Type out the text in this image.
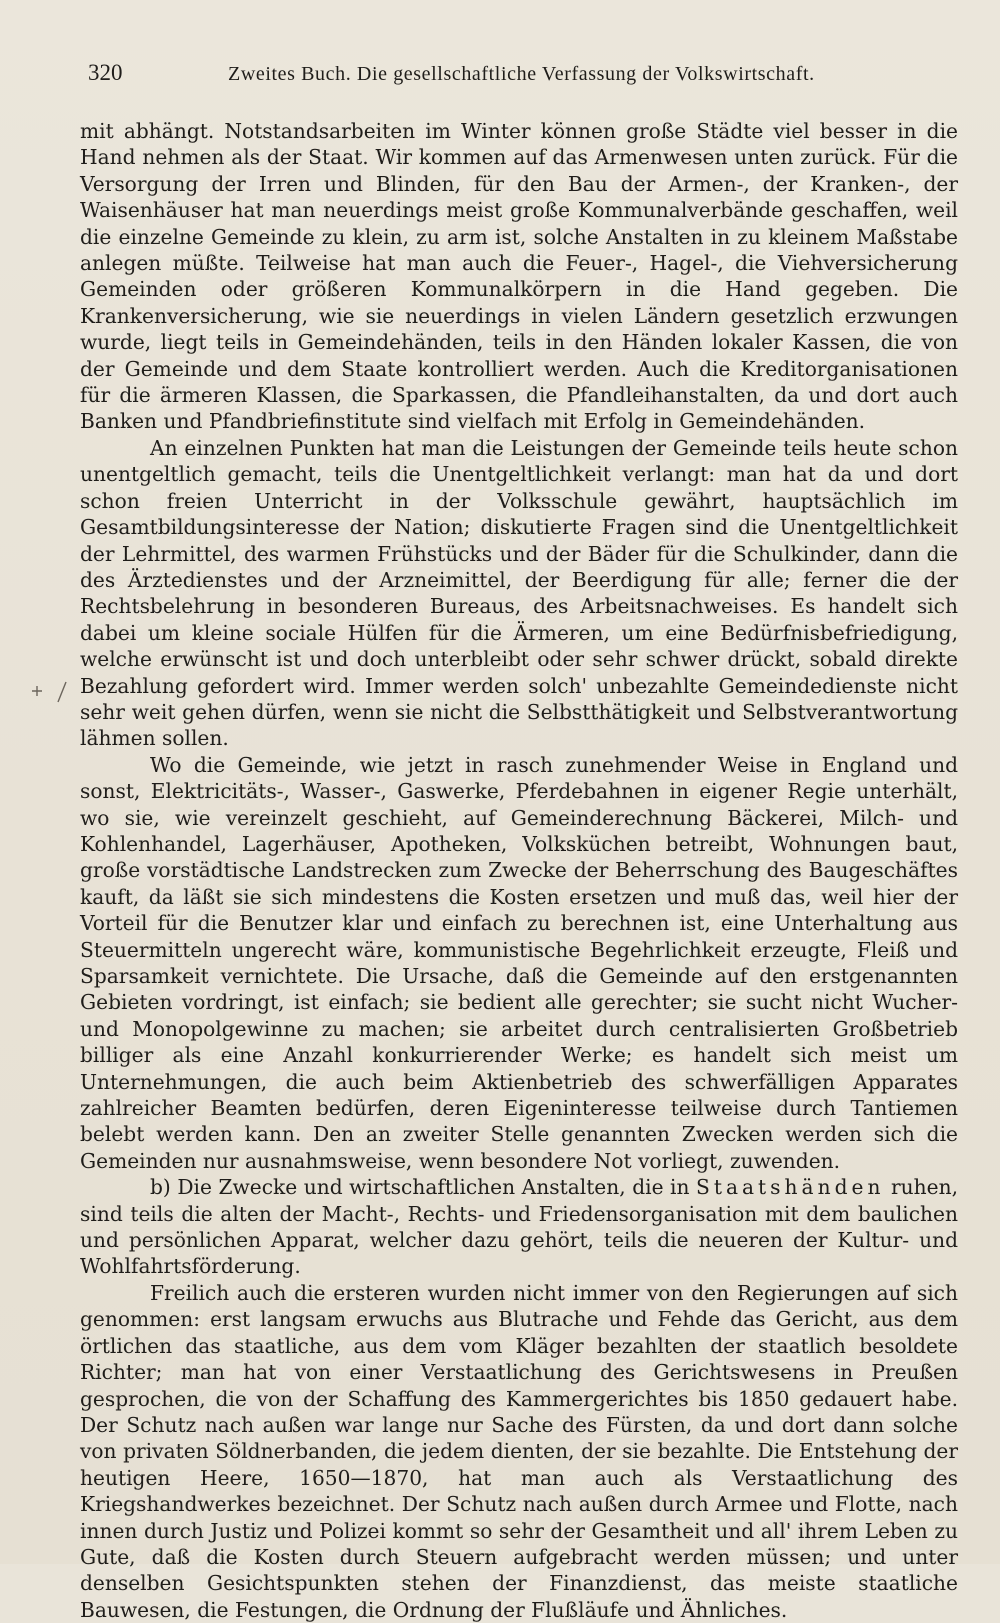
320	Zweites Buch. Die gesellschaftliche Verfassung der Volkswirtschaft.

mit abhängt. Notstandsarbeiten im Winter können große Städte viel besser in die Hand nehmen als der Staat. Wir kommen auf das Armenwesen unten zurück. Für die Versorgung der Irren und Blinden, für den Bau der Armen-, der Kranken-, der Waisenhäuser hat man neuerdings meist große Kommunalverbände geschaffen, weil die einzelne Gemeinde zu klein, zu arm ist, solche Anstalten in zu kleinem Maßstabe anlegen müßte. Teilweise hat man auch die Feuer-, Hagel-, die Viehversicherung Gemeinden oder größeren Kommunalkörpern in die Hand gegeben. Die Krankenversicherung, wie sie neuerdings in vielen Ländern gesetzlich erzwungen wurde, liegt teils in Gemeindehänden, teils in den Händen lokaler Kassen, die von der Gemeinde und dem Staate kontrolliert werden. Auch die Kreditorganisationen für die ärmeren Klassen, die Sparkassen, die Pfandleihanstalten, da und dort auch Banken und Pfandbriefinstitute sind vielfach mit Erfolg in Gemeindehänden.

An einzelnen Punkten hat man die Leistungen der Gemeinde teils heute schon unentgeltlich gemacht, teils die Unentgeltlichkeit verlangt: man hat da und dort schon freien Unterricht in der Volksschule gewährt, hauptsächlich im Gesamtbildungsinteresse der Nation; diskutierte Fragen sind die Unentgeltlichkeit der Lehrmittel, des warmen Frühstücks und der Bäder für die Schulkinder, dann die des Ärztedienstes und der Arzneimittel, der Beerdigung für alle; ferner die der Rechtsbelehrung in besonderen Bureaus, des Arbeitsnachweises. Es handelt sich dabei um kleine sociale Hülfen für die Ärmeren, um eine Bedürfnisbefriedigung, welche erwünscht ist und doch unterbleibt oder sehr schwer drückt, sobald direkte Bezahlung gefordert wird. Immer werden solch' unbezahlte Gemeindedienste nicht sehr weit gehen dürfen, wenn sie nicht die Selbstthätigkeit und Selbstverantwortung lähmen sollen.

Wo die Gemeinde, wie jetzt in rasch zunehmender Weise in England und sonst, Elektricitäts-, Wasser-, Gaswerke, Pferdebahnen in eigener Regie unterhält, wo sie, wie vereinzelt geschieht, auf Gemeinderechnung Bäckerei, Milch- und Kohlenhandel, Lagerhäuser, Apotheken, Volksküchen betreibt, Wohnungen baut, große vorstädtische Landstrecken zum Zwecke der Beherrschung des Baugeschäftes kauft, da läßt sie sich mindestens die Kosten ersetzen und muß das, weil hier der Vorteil für die Benutzer klar und einfach zu berechnen ist, eine Unterhaltung aus Steuermitteln ungerecht wäre, kommunistische Begehrlichkeit erzeugte, Fleiß und Sparsamkeit vernichtete. Die Ursache, daß die Gemeinde auf den erstgenannten Gebieten vordringt, ist einfach; sie bedient alle gerechter; sie sucht nicht Wucher- und Monopolgewinne zu machen; sie arbeitet durch centralisierten Großbetrieb billiger als eine Anzahl konkurrierender Werke; es handelt sich meist um Unternehmungen, die auch beim Aktienbetrieb des schwerfälligen Apparates zahlreicher Beamten bedürfen, deren Eigeninteresse teilweise durch Tantiemen belebt werden kann. Den an zweiter Stelle genannten Zwecken werden sich die Gemeinden nur ausnahmsweise, wenn besondere Not vorliegt, zuwenden.

b) Die Zwecke und wirtschaftlichen Anstalten, die in Staatshänden ruhen, sind teils die alten der Macht-, Rechts- und Friedensorganisation mit dem baulichen und persönlichen Apparat, welcher dazu gehört, teils die neueren der Kultur- und Wohlfahrtsförderung.

Freilich auch die ersteren wurden nicht immer von den Regierungen auf sich genommen: erst langsam erwuchs aus Blutrache und Fehde das Gericht, aus dem örtlichen das staatliche, aus dem vom Kläger bezahlten der staatlich besoldete Richter; man hat von einer Verstaatlichung des Gerichtswesens in Preußen gesprochen, die von der Schaffung des Kammergerichtes bis 1850 gedauert habe. Der Schutz nach außen war lange nur Sache des Fürsten, da und dort dann solche von privaten Söldnerbanden, die jedem dienten, der sie bezahlte. Die Entstehung der heutigen Heere, 1650—1870, hat man auch als Verstaatlichung des Kriegshandwerkes bezeichnet. Der Schutz nach außen durch Armee und Flotte, nach innen durch Justiz und Polizei kommt so sehr der Gesamtheit und all' ihrem Leben zu Gute, daß die Kosten durch Steuern aufgebracht werden müssen; und unter denselben Gesichtspunkten stehen der Finanzdienst, das meiste staatliche Bauwesen, die Festungen, die Ordnung der Flußläufe und Ähnliches.
